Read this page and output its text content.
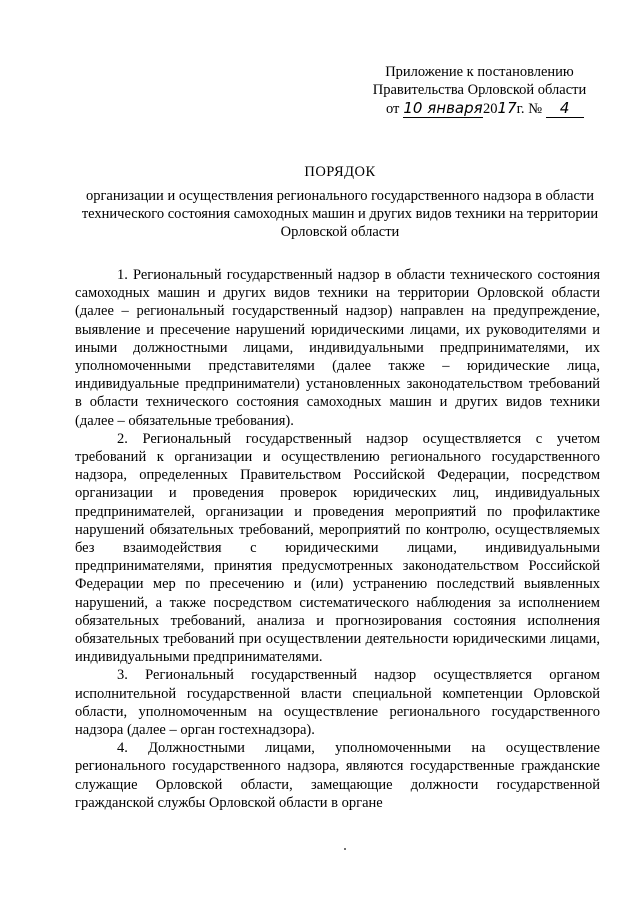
Приложение к постановлению
Правительства Орловской области
от 10 января2017г. № 4
ПОРЯДОК
организации и осуществления регионального государственного надзора в области технического состояния самоходных машин и других видов техники на территории Орловской области

1. Региональный государственный надзор в области технического состояния самоходных машин и других видов техники на территории Орловской области (далее – региональный государственный надзор) направлен на предупреждение, выявление и пресечение нарушений юридическими лицами, их руководителями и иными должностными лицами, индивидуальными предпринимателями, их уполномоченными представителями (далее также – юридические лица, индивидуальные предприниматели) установленных законодательством требований в области технического состояния самоходных машин и других видов техники (далее – обязательные требования).

2. Региональный государственный надзор осуществляется с учетом требований к организации и осуществлению регионального государственного надзора, определенных Правительством Российской Федерации, посредством организации и проведения проверок юридических лиц, индивидуальных предпринимателей, организации и проведения мероприятий по профилактике нарушений обязательных требований, мероприятий по контролю, осуществляемых без взаимодействия с юридическими лицами, индивидуальными предпринимателями, принятия предусмотренных законодательством Российской Федерации мер по пресечению и (или) устранению последствий выявленных нарушений, а также посредством систематического наблюдения за исполнением обязательных требований, анализа и прогнозирования состояния исполнения обязательных требований при осуществлении деятельности юридическими лицами, индивидуальными предпринимателями.

3. Региональный государственный надзор осуществляется органом исполнительной государственной власти специальной компетенции Орловской области, уполномоченным на осуществление регионального государственного надзора (далее – орган гостехнадзора).

4. Должностными лицами, уполномоченными на осуществление регионального государственного надзора, являются государственные гражданские служащие Орловской области, замещающие должности государственной гражданской службы Орловской области в органе
